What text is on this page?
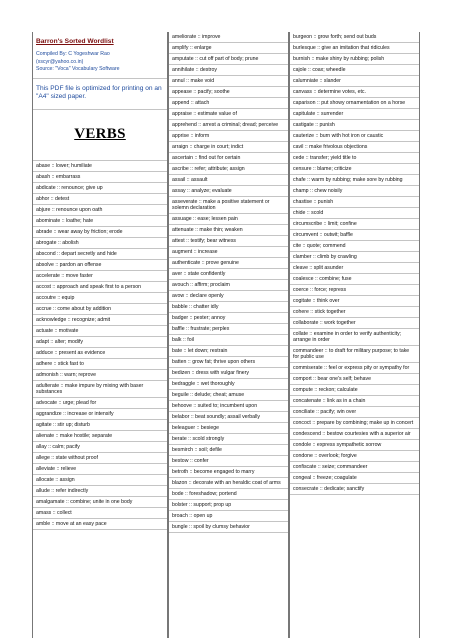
Barron's Sorted Wordlist
Compiled By: C Yogeshwar Rao
(xscyr@yahoo.co.in)
Source: "Voca" Vocabulary Software
This PDF file is optimized for printing on an "A4" sized paper.
VERBS
abase :: lower; humiliate
abash :: embarrass
abdicate :: renounce; give up
abhor :: detest
abjure :: renounce upon oath
abominate :: loathe; hate
abrade :: wear away by friction; erode
abrogate :: abolish
abscond :: depart secretly and hide
absolve :: pardon an offense
accelerate :: move faster
accost :: approach and speak first to a person
accoutre :: equip
accrue :: come about by addition
acknowledge :: recognize; admit
actuate :: motivate
adapt :: alter; modify
adduce :: present as evidence
adhere :: stick fast to
admonish :: warn; reprove
adulterate :: make impure by mixing with baser substances
advocate :: urge; plead for
aggrandize :: increase or intensify
agitate :: stir up; disturb
alienate :: make hostile; separate
allay :: calm; pacify
allege :: state without proof
alleviate :: relieve
allocate :: assign
allude :: refer indirectly
amalgamate :: combine; unite in one body
amass :: collect
amble :: move at an easy pace
ameliorate :: improve
amplify :: enlarge
amputate :: cut off part of body; prune
annihilate :: destroy
annul :: make void
appease :: pacify; soothe
append :: attach
appraise :: estimate value of
apprehend :: arrest a criminal; dread; perceive
apprise :: inform
arraign :: charge in court; indict
ascertain :: find out for certain
ascribe :: refer; attribute; assign
assail :: assault
assay :: analyze; evaluate
asseverate :: make a positive statement or solemn declaration
assuage :: ease; lessen pain
attenuate :: make thin; weaken
attest :: testify; bear witness
augment :: increase
authenticate :: prove genuine
aver :: state confidently
avouch :: affirm; proclaim
avow :: declare openly
babble :: chatter idly
badger :: pester; annoy
baffle :: frustrate; perplex
balk :: foil
bate :: let down; restrain
batten :: grow fat; thrive upon others
bedizen :: dress with vulgar finery
bedraggle :: wet thoroughly
beguile :: delude; cheat; amuse
behoove :: suited to; incumbent upon
belabor :: beat soundly; assail verbally
beleaguer :: besiege
berate :: scold strongly
besmirch :: soil; defile
bestow :: confer
betroth :: become engaged to marry
blazon :: decorate with an heraldic coat of arms
bode :: foreshadow; portend
bolster :: support; prop up
broach :: open up
bungle :: spoil by clumsy behavior
burgeon :: grow forth; send out buds
burlesque :: give an imitation that ridicules
burnish :: make shiny by rubbing; polish
cajole :: coax; wheedle
calumniate :: slander
canvass :: determine votes, etc.
caparison :: put showy ornamentation on a horse
capitulate :: surrender
castigate :: punish
cauterize :: burn with hot iron or caustic
cavil :: make frivolous objections
cede :: transfer; yield title to
censure :: blame; criticize
chafe :: warm by rubbing; make sore by rubbing
champ :: chew noisily
chastise :: punish
chide :: scold
circumscribe :: limit; confine
circumvent :: outwit; baffle
cite :: quote; commend
clamber :: climb by crawling
cleave :: split asunder
coalesce :: combine; fuse
coerce :: force; repress
cogitate :: think over
cohere :: stick together
collaborate :: work together
collate :: examine in order to verify authenticity; arrange in order
commandeer :: to draft for military purpose; to take for public use
commiserate :: feel or express pity or sympathy for
comport :: bear one's self; behave
compute :: reckon; calculate
concatenate :: link as in a chain
conciliate :: pacify; win over
concoct :: prepare by combining; make up in concert
condescend :: bestow courtesies with a superior air
condole :: express sympathetic sorrow
condone :: overlook; forgive
confiscate :: seize; commandeer
congeal :: freeze; coagulate
consecrate :: dedicate; sanctify
